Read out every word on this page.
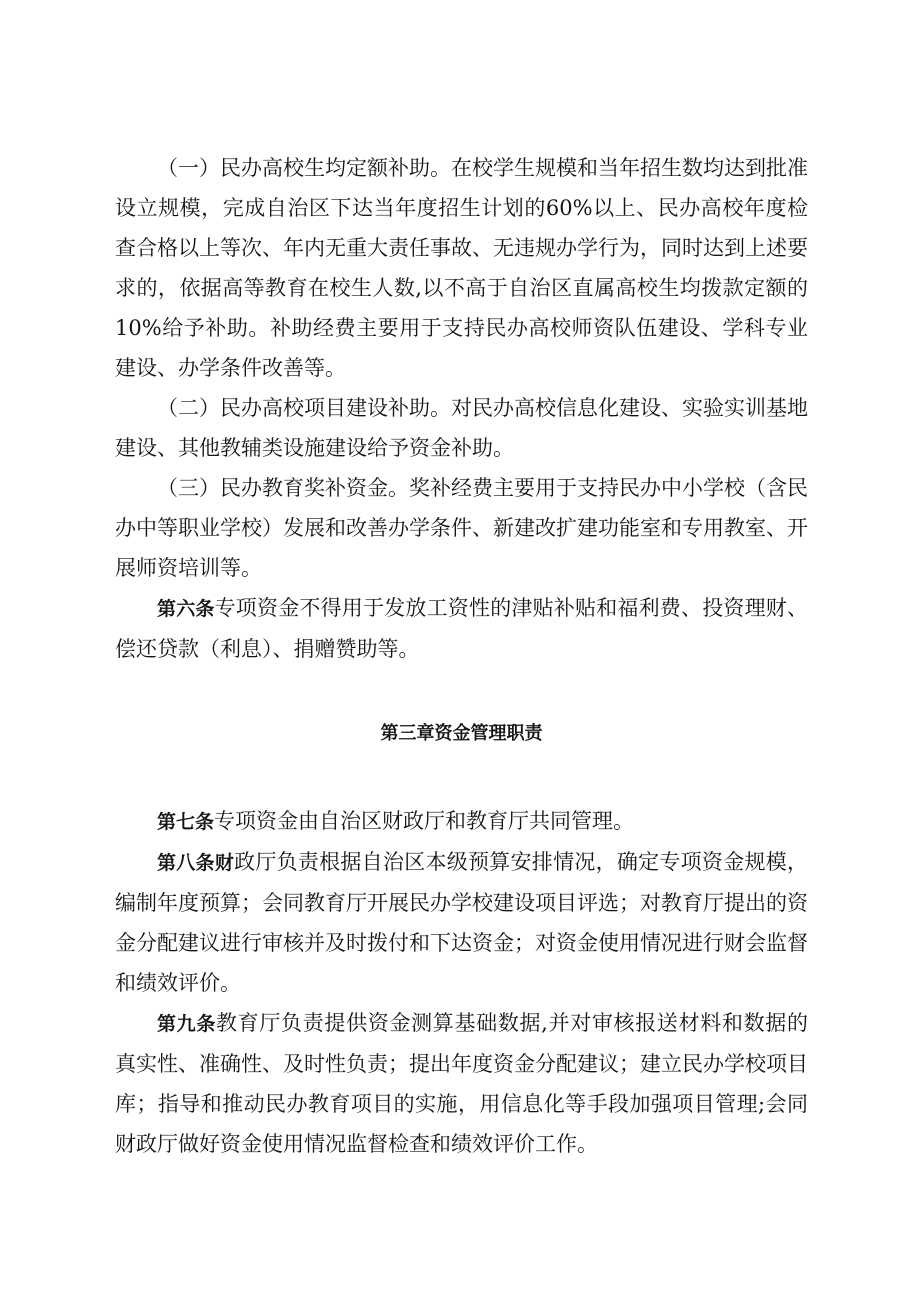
（一）民办高校生均定额补助。在校学生规模和当年招生数均达到批准设立规模，完成自治区下达当年度招生计划的60%以上、民办高校年度检查合格以上等次、年内无重大责任事故、无违规办学行为，同时达到上述要求的，依据高等教育在校生人数,以不高于自治区直属高校生均拨款定额的10%给予补助。补助经费主要用于支持民办高校师资队伍建设、学科专业建设、办学条件改善等。

（二）民办高校项目建设补助。对民办高校信息化建设、实验实训基地建设、其他教辅类设施建设给予资金补助。

（三）民办教育奖补资金。奖补经费主要用于支持民办中小学校（含民办中等职业学校）发展和改善办学条件、新建改扩建功能室和专用教室、开展师资培训等。

第六条专项资金不得用于发放工资性的津贴补贴和福利费、投资理财、偿还贷款（利息）、捐赠赞助等。

第三章资金管理职责

第七条专项资金由自治区财政厅和教育厅共同管理。

第八条财政厅负责根据自治区本级预算安排情况，确定专项资金规模，编制年度预算；会同教育厅开展民办学校建设项目评选；对教育厅提出的资金分配建议进行审核并及时拨付和下达资金；对资金使用情况进行财会监督和绩效评价。

第九条教育厅负责提供资金测算基础数据,并对审核报送材料和数据的真实性、准确性、及时性负责；提出年度资金分配建议；建立民办学校项目库；指导和推动民办教育项目的实施，用信息化等手段加强项目管理;会同财政厅做好资金使用情况监督检查和绩效评价工作。
